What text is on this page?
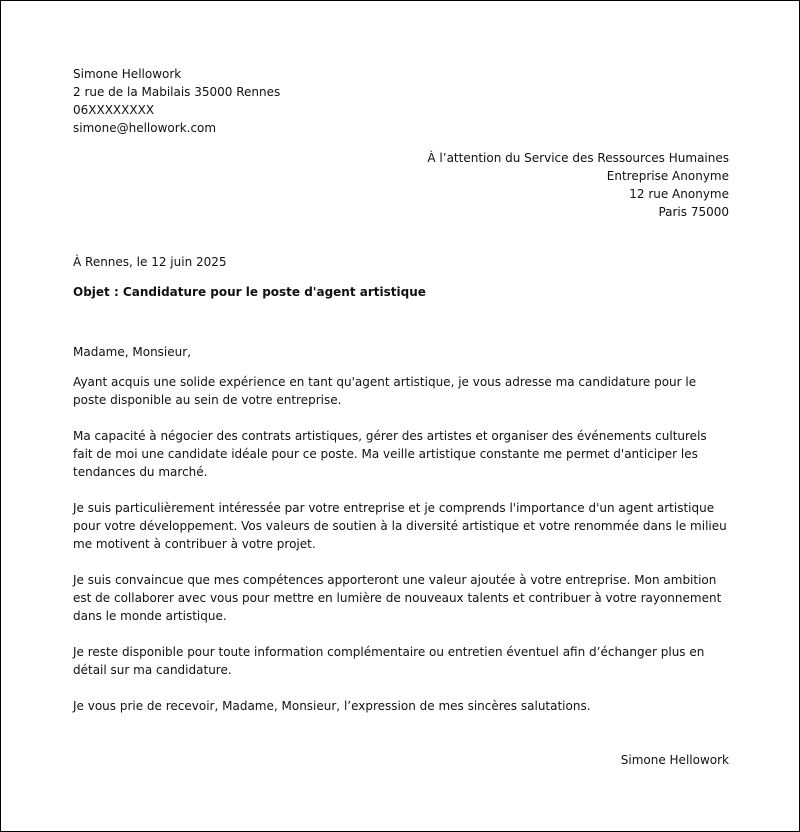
Simone Hellowork
2 rue de la Mabilais 35000 Rennes
06XXXXXXXX
simone@hellowork.com
À l’attention du Service des Ressources Humaines
Entreprise Anonyme
12 rue Anonyme
Paris 75000

À Rennes, le 12 juin 2025

Objet : Candidature pour le poste d'agent artistique

Madame, Monsieur,

Ayant acquis une solide expérience en tant qu'agent artistique, je vous adresse ma candidature pour le poste disponible au sein de votre entreprise.

Ma capacité à négocier des contrats artistiques, gérer des artistes et organiser des événements culturels fait de moi une candidate idéale pour ce poste. Ma veille artistique constante me permet d'anticiper les tendances du marché.

Je suis particulièrement intéressée par votre entreprise et je comprends l'importance d'un agent artistique pour votre développement. Vos valeurs de soutien à la diversité artistique et votre renommée dans le milieu me motivent à contribuer à votre projet.

Je suis convaincue que mes compétences apporteront une valeur ajoutée à votre entreprise. Mon ambition est de collaborer avec vous pour mettre en lumière de nouveaux talents et contribuer à votre rayonnement dans le monde artistique.

Je reste disponible pour toute information complémentaire ou entretien éventuel afin d’échanger plus en détail sur ma candidature.

Je vous prie de recevoir, Madame, Monsieur, l’expression de mes sincères salutations.

Simone Hellowork
